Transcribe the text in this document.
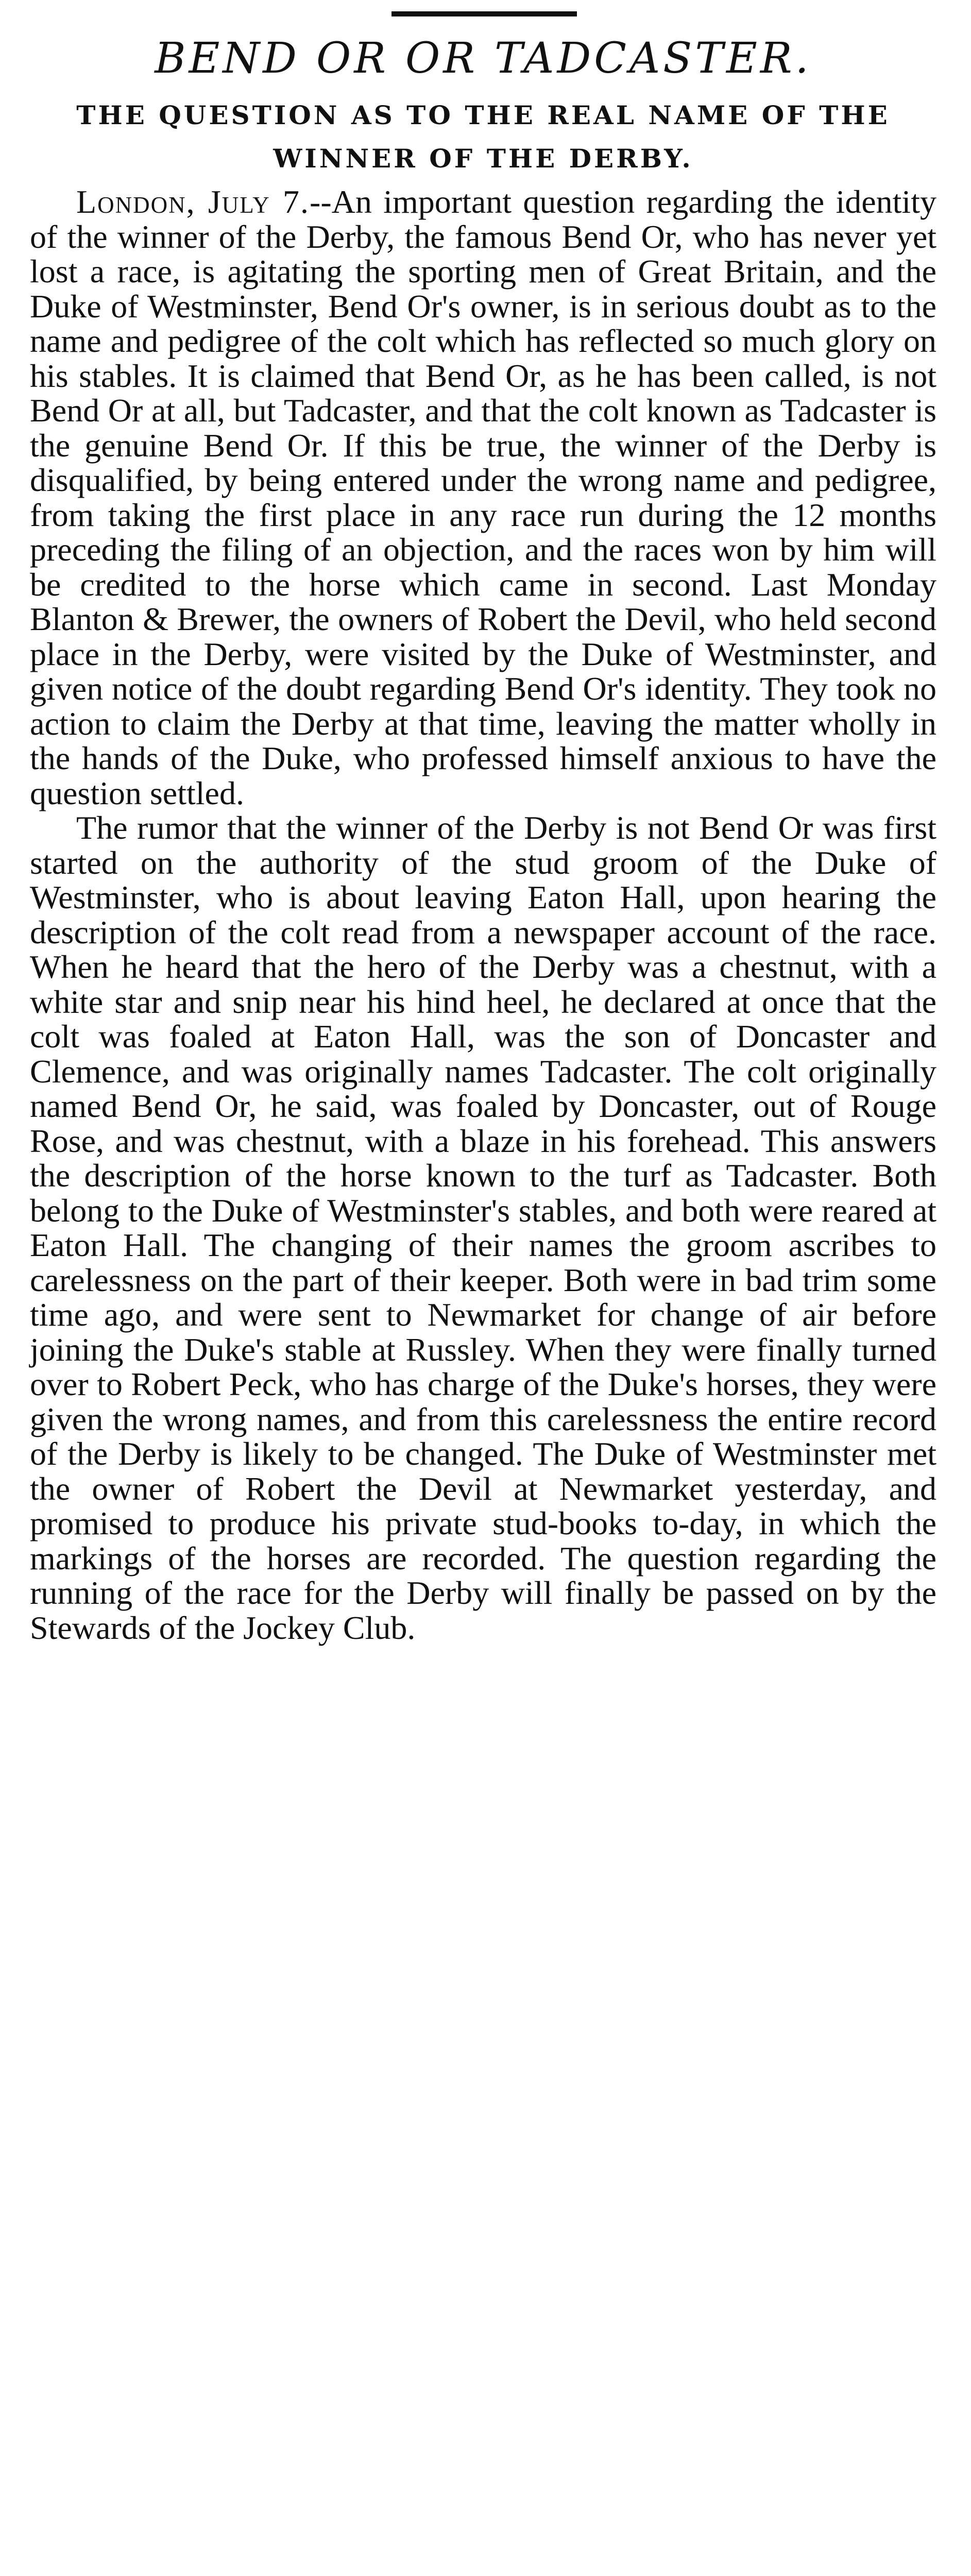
BEND OR OR TADCASTER.
THE QUESTION AS TO THE REAL NAME OF THE WINNER OF THE DERBY.

London, July 7.--An important question regarding the identity of the winner of the Derby, the famous Bend Or, who has never yet lost a race, is agitating the sporting men of Great Britain, and the Duke of Westminster, Bend Or's owner, is in serious doubt as to the name and pedigree of the colt which has reflected so much glory on his stables. It is claimed that Bend Or, as he has been called, is not Bend Or at all, but Tadcaster, and that the colt known as Tadcaster is the genuine Bend Or. If this be true, the winner of the Derby is disqualified, by being entered under the wrong name and pedigree, from taking the first place in any race run during the 12 months preceding the filing of an objection, and the races won by him will be credited to the horse which came in second. Last Monday Blanton & Brewer, the owners of Robert the Devil, who held second place in the Derby, were visited by the Duke of Westminster, and given notice of the doubt regarding Bend Or's identity. They took no action to claim the Derby at that time, leaving the matter wholly in the hands of the Duke, who professed himself anxious to have the question settled.

The rumor that the winner of the Derby is not Bend Or was first started on the authority of the stud groom of the Duke of Westminster, who is about leaving Eaton Hall, upon hearing the description of the colt read from a newspaper account of the race. When he heard that the hero of the Derby was a chestnut, with a white star and snip near his hind heel, he declared at once that the colt was foaled at Eaton Hall, was the son of Doncaster and Clemence, and was originally names Tadcaster. The colt originally named Bend Or, he said, was foaled by Doncaster, out of Rouge Rose, and was chestnut, with a blaze in his forehead. This answers the description of the horse known to the turf as Tadcaster. Both belong to the Duke of Westminster's stables, and both were reared at Eaton Hall. The changing of their names the groom ascribes to carelessness on the part of their keeper. Both were in bad trim some time ago, and were sent to Newmarket for change of air before joining the Duke's stable at Russley. When they were finally turned over to Robert Peck, who has charge of the Duke's horses, they were given the wrong names, and from this carelessness the entire record of the Derby is likely to be changed. The Duke of Westminster met the owner of Robert the Devil at Newmarket yesterday, and promised to produce his private stud-books to-day, in which the markings of the horses are recorded. The question regarding the running of the race for the Derby will finally be passed on by the Stewards of the Jockey Club.
